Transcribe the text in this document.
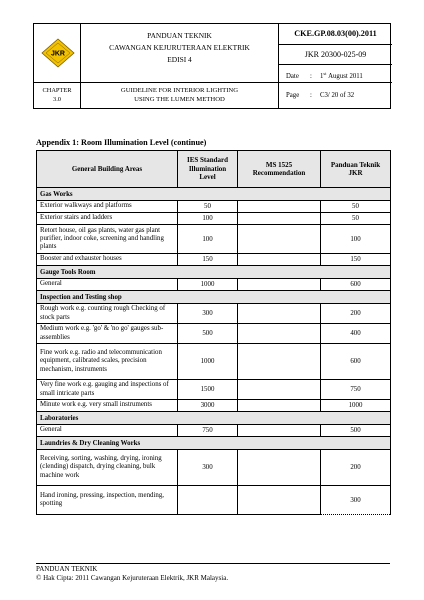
JKR
PANDUAN TEKNIK
CAWANGAN KEJURUTERAAN ELEKTRIK
EDISI 4
CKE.GP.08.03(00).2011
JKR 20300-025-09
Date : 1st August 2011
CHAPTER
3.0
GUIDELINE FOR INTERIOR LIGHTING
USING THE LUMEN METHOD
Page : C3/ 20 of 32
Appendix 1: Room Illumination Level (continue)
General Building Areas	IES Standard Illumination Level	MS 1525 Recommendation	Panduan Teknik JKR
Gas Works			
Exterior walkways and platforms	50		50
Exterior stairs and ladders	100		50
Retort house, oil gas plants, water gas plant purifier, indoor coke, screening and handling plants	100		100
Booster and exhauster houses	150		150
Gauge Tools Room			
General	1000		600
Inspection and Testing shop			
Rough work e.g. counting rough Checking of stock parts	300		200
Medium work e.g. 'go' & 'no go' gauges sub-assemblies	500		400
Fine work e.g. radio and telecommunication equipment, calibrated scales, precision mechanism, instruments	1000		600
Very fine work e.g. gauging and inspections of small intricate parts	1500		750
Minute work e.g. very small instruments	3000		1000
Laboratories			
General	750		500
Laundries & Dry Cleaning Works			
Receiving, sorting, washing, drying, ironing (clending) dispatch, drying cleaning, bulk machine work	300		200
Hand ironing, pressing, inspection, mending, spotting			300
PANDUAN TEKNIK
© Hak Cipta: 2011 Cawangan Kejuruteraan Elektrik, JKR Malaysia.
